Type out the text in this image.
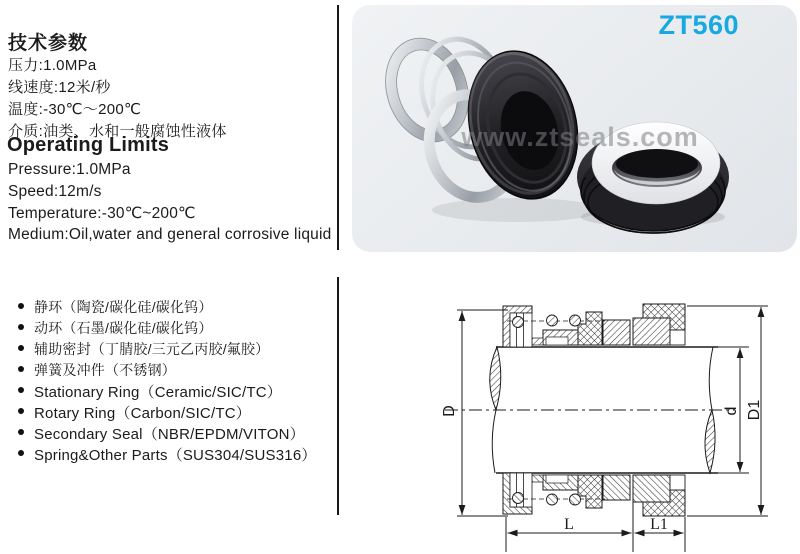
技术参数
压力:1.0MPa
线速度:12米/秒
温度:-30℃～200℃
介质:油类、水和一般腐蚀性液体
Operating Limits
Pressure:1.0MPa
Speed:12m/s
Temperature:-30℃~200℃
Medium:Oil,water and general corrosive liquid
静环（陶瓷/碳化硅/碳化钨）
动环（石墨/碳化硅/碳化钨）
辅助密封（丁腈胶/三元乙丙胶/氟胶）
弹簧及冲件（不锈钢）
Stationary Ring（Ceramic/SIC/TC）
Rotary Ring（Carbon/SIC/TC）
Secondary Seal（NBR/EPDM/VITON）
Spring&Other Parts（SUS304/SUS316）
www.ztseals.com
ZT560
D	d D1
L	L1
